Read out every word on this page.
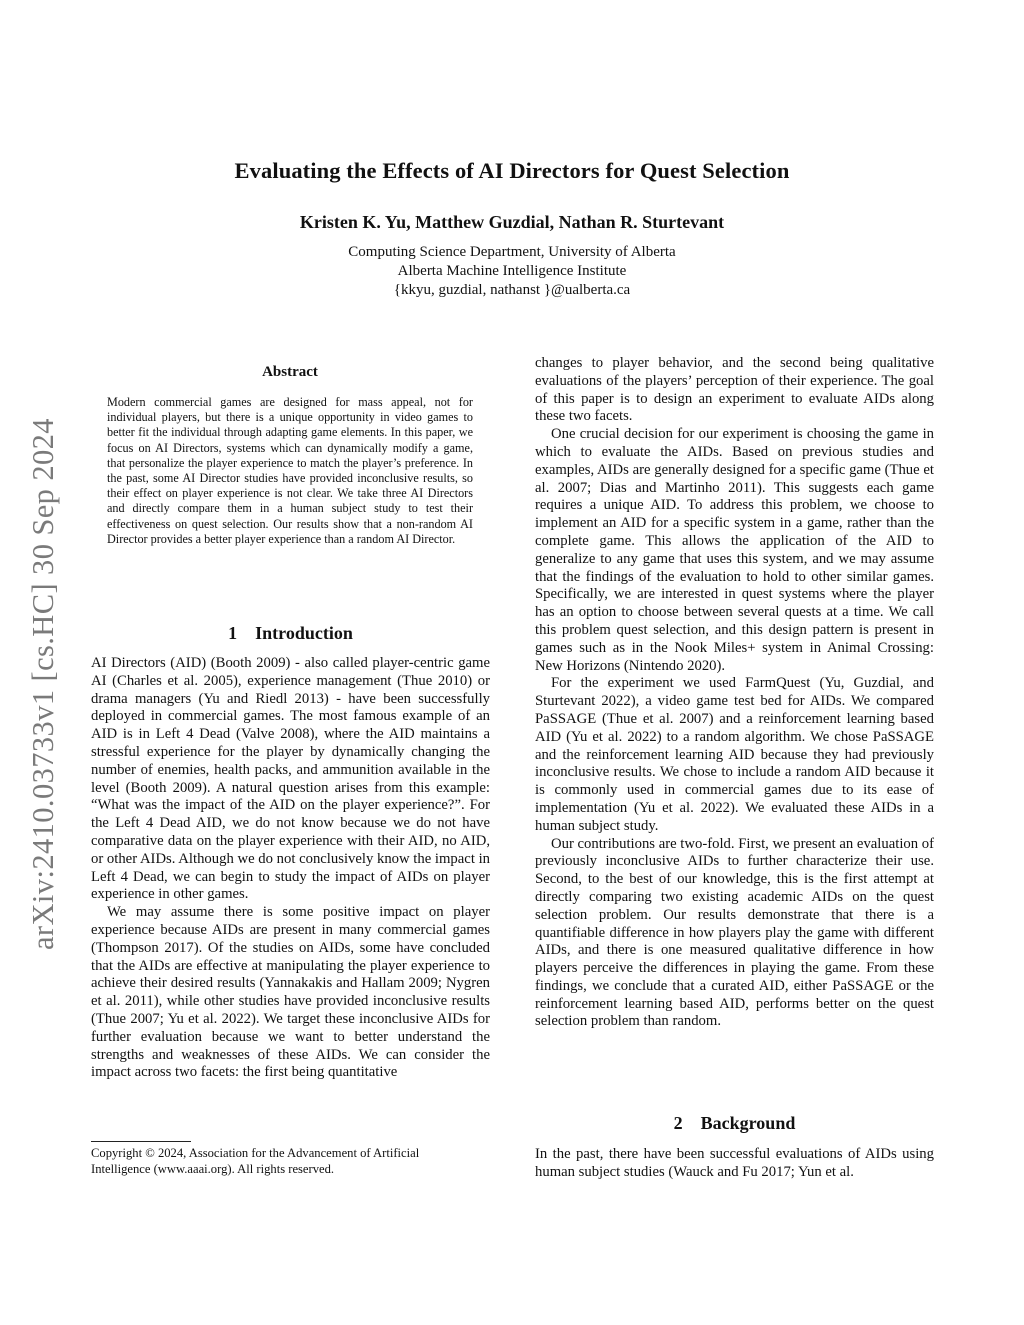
Evaluating the Effects of AI Directors for Quest Selection
Kristen K. Yu, Matthew Guzdial, Nathan R. Sturtevant
Computing Science Department, University of Alberta
Alberta Machine Intelligence Institute
{kkyu, guzdial, nathanst }@ualberta.ca
arXiv:2410.03733v1 [cs.HC] 30 Sep 2024
Abstract
Modern commercial games are designed for mass appeal, not for individual players, but there is a unique opportunity in video games to better fit the individual through adapting game elements. In this paper, we focus on AI Directors, systems which can dynamically modify a game, that personalize the player experience to match the player’s preference. In the past, some AI Director studies have provided inconclusive results, so their effect on player experience is not clear. We take three AI Directors and directly compare them in a human subject study to test their effectiveness on quest selection. Our results show that a non-random AI Director provides a better player experience than a random AI Director.
1 Introduction

AI Directors (AID) (Booth 2009) - also called player-centric game AI (Charles et al. 2005), experience management (Thue 2010) or drama managers (Yu and Riedl 2013) - have been successfully deployed in commercial games. The most famous example of an AID is in Left 4 Dead (Valve 2008), where the AID maintains a stressful experience for the player by dynamically changing the number of enemies, health packs, and ammunition available in the level (Booth 2009). A natural question arises from this example: “What was the impact of the AID on the player experience?”. For the Left 4 Dead AID, we do not know because we do not have comparative data on the player experience with their AID, no AID, or other AIDs. Although we do not conclusively know the impact in Left 4 Dead, we can begin to study the impact of AIDs on player experience in other games.

We may assume there is some positive impact on player experience because AIDs are present in many commercial games (Thompson 2017). Of the studies on AIDs, some have concluded that the AIDs are effective at manipulating the player experience to achieve their desired results (Yannakakis and Hallam 2009; Nygren et al. 2011), while other studies have provided inconclusive results (Thue 2007; Yu et al. 2022). We target these inconclusive AIDs for further evaluation because we want to better understand the strengths and weaknesses of these AIDs. We can consider the impact across two facets: the first being quantitative

Copyright © 2024, Association for the Advancement of Artificial
Intelligence (www.aaai.org). All rights reserved.

changes to player behavior, and the second being qualitative evaluations of the players’ perception of their experience. The goal of this paper is to design an experiment to evaluate AIDs along these two facets.

One crucial decision for our experiment is choosing the game in which to evaluate the AIDs. Based on previous studies and examples, AIDs are generally designed for a specific game (Thue et al. 2007; Dias and Martinho 2011). This suggests each game requires a unique AID. To address this problem, we choose to implement an AID for a specific system in a game, rather than the complete game. This allows the application of the AID to generalize to any game that uses this system, and we may assume that the findings of the evaluation to hold to other similar games. Specifically, we are interested in quest systems where the player has an option to choose between several quests at a time. We call this problem quest selection, and this design pattern is present in games such as in the Nook Miles+ system in Animal Crossing: New Horizons (Nintendo 2020).

For the experiment we used FarmQuest (Yu, Guzdial, and Sturtevant 2022), a video game test bed for AIDs. We compared PaSSAGE (Thue et al. 2007) and a reinforcement learning based AID (Yu et al. 2022) to a random algorithm. We chose PaSSAGE and the reinforcement learning AID because they had previously inconclusive results. We chose to include a random AID because it is commonly used in commercial games due to its ease of implementation (Yu et al. 2022). We evaluated these AIDs in a human subject study.

Our contributions are two-fold. First, we present an evaluation of previously inconclusive AIDs to further characterize their use. Second, to the best of our knowledge, this is the first attempt at directly comparing two existing academic AIDs on the quest selection problem. Our results demonstrate that there is a quantifiable difference in how players play the game with different AIDs, and there is one measured qualitative difference in how players perceive the differences in playing the game. From these findings, we conclude that a curated AID, either PaSSAGE or the reinforcement learning based AID, performs better on the quest selection problem than random.

2 Background

In the past, there have been successful evaluations of AIDs using human subject studies (Wauck and Fu 2017; Yun et al.
